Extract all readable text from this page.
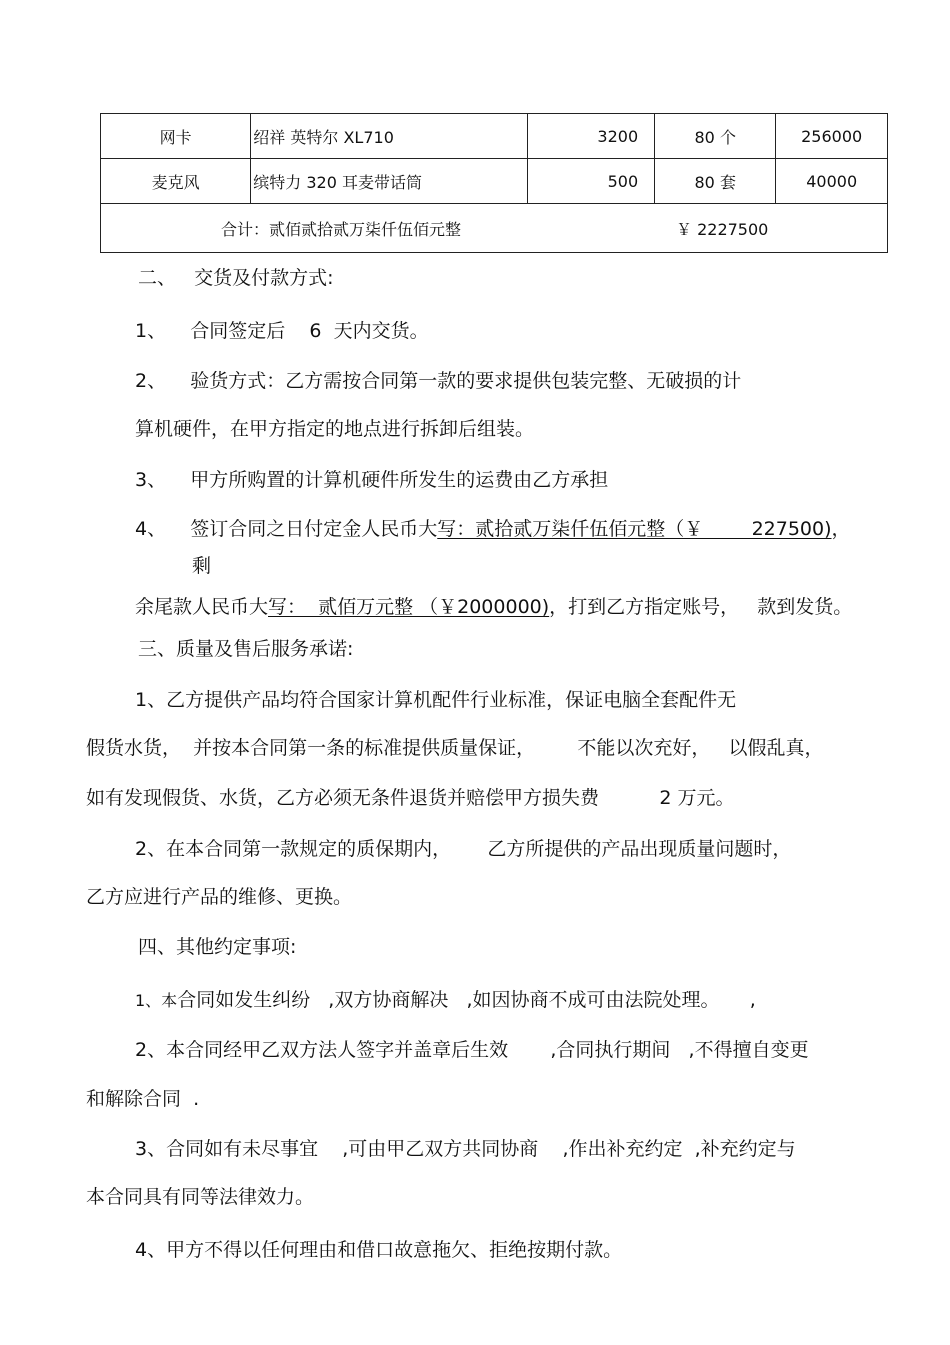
网卡	绍祥 英特尔 XL710	3200	80 个	256000
麦克风	缤特力 320 耳麦带话筒	500	80 套	40000

合计：贰佰贰拾贰万柒仟伍佰元整 ￥ 2227500				
二、   交货及付款方式:
1、    合同签定后    6  天内交货。
2、    验货方式：乙方需按合同第一款的要求提供包装完整、无破损的计
算机硬件，在甲方指定的地点进行拆卸后组装。
3、    甲方所购置的计算机硬件所发生的运费由乙方承担
4、    签订合同之日付定金人民币大写：贰拾贰万柒仟伍佰元整（￥        227500)，
剩
余尾款人民币大写：  贰佰万元整 （￥2000000)，打到乙方指定账号，   款到发货。
三、质量及售后服务承诺:
1、乙方提供产品均符合国家计算机配件行业标准，保证电脑全套配件无
假货水货，  并按本合同第一条的标准提供质量保证，       不能以次充好，   以假乱真，
如有发现假货、水货，乙方必须无条件退货并赔偿甲方损失费          2 万元。
2、在本合同第一款规定的质保期内，      乙方所提供的产品出现质量问题时，
乙方应进行产品的维修、更换。
四、其他约定事项:
1、本合同如发生纠纷   ,双方协商解决   ,如因协商不成可由法院处理。     ,
2、本合同经甲乙双方法人签字并盖章后生效       ,合同执行期间   ,不得擅自变更
和解除合同  .
3、合同如有未尽事宜    ,可由甲乙双方共同协商    ,作出补充约定  ,补充约定与
本合同具有同等法律效力。
4、甲方不得以任何理由和借口故意拖欠、拒绝按期付款。
